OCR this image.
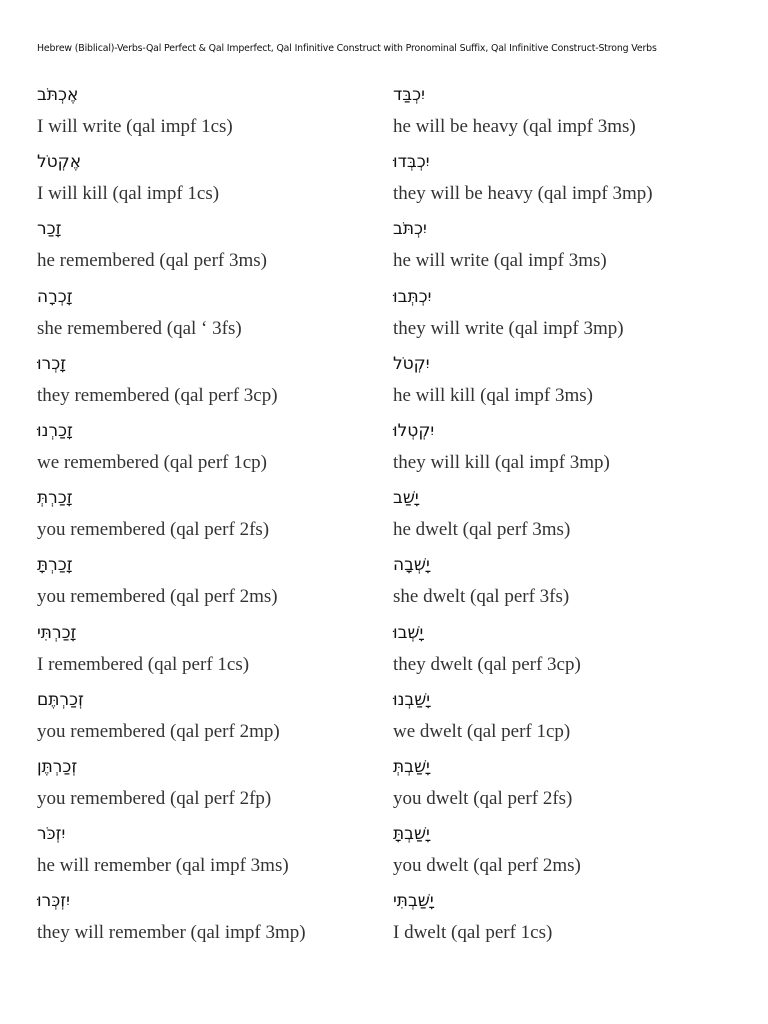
Hebrew (Biblical)-Verbs-Qal Perfect & Qal Imperfect, Qal Infinitive Construct with Pronominal Suffix, Qal Infinitive Construct-Strong Verbs
אֶכְתֹּב
I will write (qal impf 1cs)
אֶקְטֹל
I will kill (qal impf 1cs)
זָכַר
he remembered (qal perf 3ms)
זָכְרָה
she remembered (qal ‘ 3fs)
זָכְרוּ
they remembered (qal perf 3cp)
זָכַרְנוּ
we remembered (qal perf 1cp)
זָכַרְתְּ
you remembered (qal perf 2fs)
זָכַרְתָּ
you remembered (qal perf 2ms)
זָכַרְתִּי
I remembered (qal perf 1cs)
זְכַרְתֶּם
you remembered (qal perf 2mp)
זְכַרְתֶּן
you remembered (qal perf 2fp)
יִזְכֹּר
he will remember (qal impf 3ms)
יִזְכְּרוּ
they will remember (qal impf 3mp)
יִכְבַּד
he will be heavy (qal impf 3ms)
יִכְבְּדוּ
they will be heavy (qal impf 3mp)
יִכְתֹּב
he will write (qal impf 3ms)
יִכְתְּבוּ
they will write (qal impf 3mp)
יִקְטֹל
he will kill (qal impf 3ms)
יִקְטְלוּ
they will kill (qal impf 3mp)
יָשַׁב
he dwelt (qal perf 3ms)
יָשְׁבָה
she dwelt (qal perf 3fs)
יָשְׁבוּ
they dwelt (qal perf 3cp)
יָשַׁבְנוּ
we dwelt (qal perf 1cp)
יָשַׁבְתְּ
you dwelt (qal perf 2fs)
יָשַׁבְתָּ
you dwelt (qal perf 2ms)
יָשַׁבְתִּי
I dwelt (qal perf 1cs)
